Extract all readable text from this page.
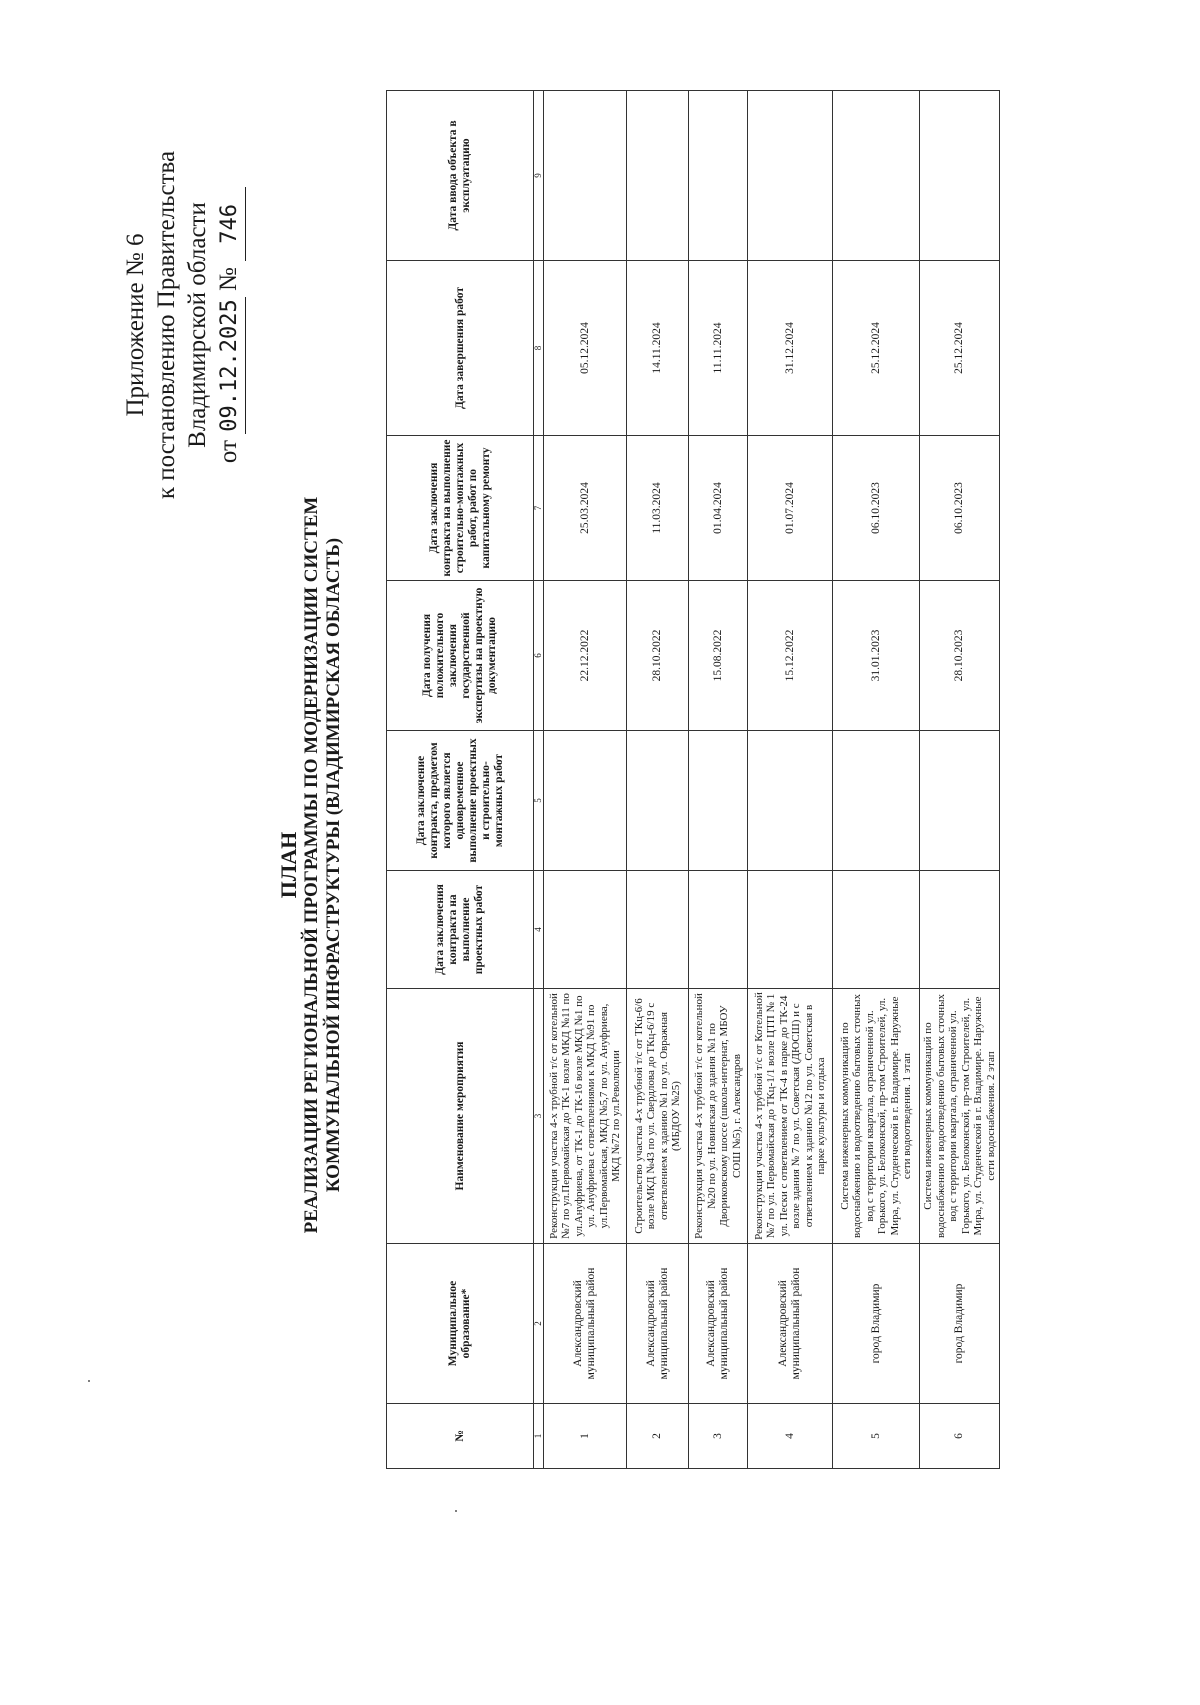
Приложение № 6 к постановлению Правительства Владимирской области
от 09.12.2025 № 746
ПЛАН РЕАЛИЗАЦИИ РЕГИОНАЛЬНОЙ ПРОГРАММЫ ПО МОДЕРНИЗАЦИИ СИСТЕМ КОММУНАЛЬНОЙ ИНФРАСТРУКТУРЫ (ВЛАДИМИРСКАЯ ОБЛАСТЬ)
№	Муниципальное образование*	Наименование мероприятия	Дата заключения контракта на выполнение проектных работ	Дата заключение контракта, предметом которого является одновременное выполнение проектных и строительно-монтажных работ	Дата получения положительного заключения государственной экспертизы на проектную документацию	Дата заключения контракта на выполнение строительно-монтажных работ, работ по капитальному ремонту	Дата завершения работ	Дата ввода объекта в эксплуатацию
1	2	3	4	5	6	7	8	9
1	Александровский муниципальный район	Реконструкция участка 4-х трубной т/с от котельной №7 по ул.Первомайская до ТК-1 возле МКД №11 по ул.Ануфриева, от ТК-1 до ТК-16 возле МКД №1 по ул. Ануфриева с ответвлениями к МКД №91 по ул.Первомайская, МКД №5,7 по ул. Ануфриева, МКД №72 по ул.Революции			22.12.2022	25.03.2024	05.12.2024	
2	Александровский муниципальный район	Строительство участка 4-х трубной т/с от ТКц-6/6 возле МКД №43 по ул. Свердлова до ТКц-6/19 с ответвлением к зданию №1 по ул. Овражная (МБДОУ №25)			28.10.2022	11.03.2024	14.11.2024	
3	Александровский муниципальный район	Реконструкция участка 4-х трубной т/с от котельной №20 по ул. Новинская до здания №1 по Двориковскому шоссе (школа-интернат, МБОУ СОШ №5), г. Александров			15.08.2022	01.04.2024	11.11.2024	
4	Александровский муниципальный район	Реконструкция участка 4-х трубной т/с от Котельной №7 по ул. Первомайская до ТКц-1/1 возле ЦТП № 1 ул. Пески с ответвлением от ТК-4 в парке до ТК-24 возле здания № 7 по ул. Советская (ДЮСШ) и с ответвлением к зданию №12 по ул. Советская в парке культуры и отдыха			15.12.2022	01.07.2024	31.12.2024	
5	город Владимир	Система инженерных коммуникаций по водоснабжению и водоотведению бытовых сточных вод с территории квартала, ограниченной ул. Горького, ул. Белоконской, пр-том Строителей, ул. Мира, ул. Студенческой в г. Владимире. Наружные сети водоотведения. 1 этап			31.01.2023	06.10.2023	25.12.2024	
6	город Владимир	Система инженерных коммуникаций по водоснабжению и водоотведению бытовых сточных вод с территории квартала, ограниченной ул. Горького, ул. Белоконской, пр-том Строителей, ул. Мира, ул. Студенческой в г. Владимире. Наружные сети водоснабжения. 2 этап			28.10.2023	06.10.2023	25.12.2024	
